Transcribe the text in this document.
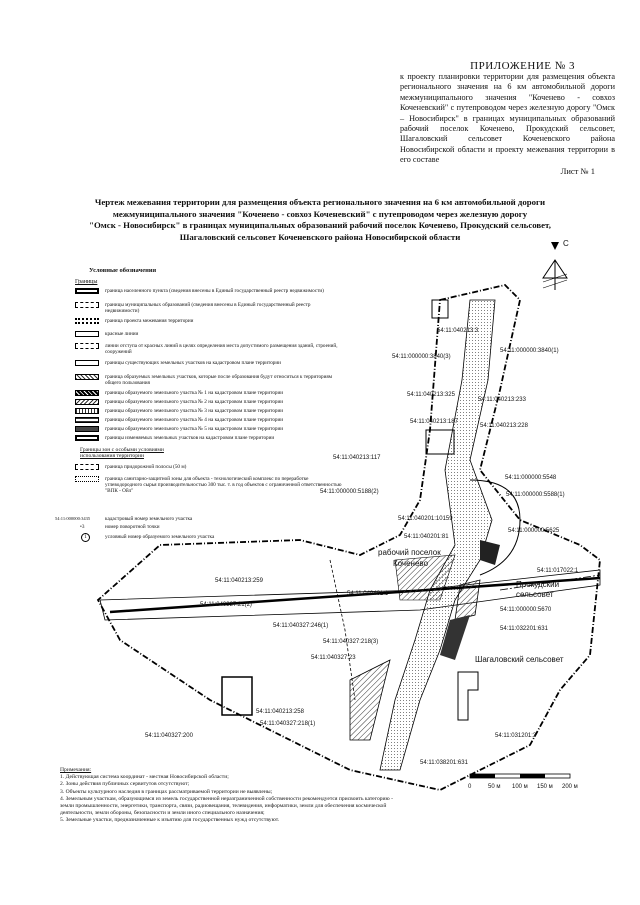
ПРИЛОЖЕНИЕ № 3
к проекту планировки территории для размещения объекта регионального значения на 6 км автомобильной дороги межмуниципального значения "Коченево - совхоз Коченевский" с путепроводом через железную дорогу "Омск – Новосибирск" в границах муниципальных образований рабочий поселок Коченево, Прокудский сельсовет, Шагаловский сельсовет Коченевского района Новосибирской области и проекту межевания территории в его составе
Лист № 1
Чертеж межевания территории для размещения объекта регионального значения на 6 км автомобильной дороги
межмуниципального значения "Коченево - совхоз Коченевский" с путепроводом через железную дорогу
"Омск - Новосибирск" в границах муниципальных образований рабочий поселок Коченево, Прокудский сельсовет,
Шагаловский сельсовет Коченевского района Новосибирской области
54:11:040213:3
54:11:000000:3840(3)
54:11:000000:3840(1)
54:11:040213:325
54:11:040213:233
54:11:040213:187
54:11:040213:228
54:11:040213:117
54:11:000000:5188(2)
54:11:000000:5548
54:11:000000:5588(1)
54:11:040201:10159
54:11:040201:81
54:11:000000:5625
54:11:040213:259
54:11:040401:1
54:11:040327:21(2)
54:11:017022:1
54:11:000000:5670
54:11:040327:246(1)	54:11:032201:631
54:11:040327:218(3)
54:11:040327:23
54:11:040213:258
54:11:040327:218(1)
54:11:040327:200	54:11:031201:3
54:11:038201:631
рабочий поселок
Коченево
Прокудский
сельсовет
Шагаловский сельсовет
С
0	50 м 100 м 150 м 200 м
Условные обозначения
Границы
граница населенного пункта (сведения внесены в Единый государственный реестр недвижимости)
границы муниципальных образований (сведения внесены в Единый государственный реестр недвижимости)
граница проекта межевания территории
красные линии
линии отступа от красных линий в целях определения места допустимого размещения зданий, строений, сооружений
границы существующих земельных участков на кадастровом плане территории
граница образуемых земельных участков, которые после образования будут относиться к территориям общего пользования
границы образуемого земельного участка № 1 на кадастровом плане территории
границы образуемого земельного участка № 2 на кадастровом плане территории
границы образуемого земельного участка № 3 на кадастровом плане территории
границы образуемого земельного участка № 4 на кадастровом плане территории
границы образуемого земельного участка № 5 на кадастровом плане территории
границы изменяемых земельных участков на кадастровом плане территории
Границы зон с особыми условиями использования территории
граница придорожной полосы (50 м)
граница санитарно-защитной зоны для объекта - технологический комплекс по переработке углеводородного сырья производительностью 300 тыс. т. в год объектов с ограниченной ответственностью "ВПК - Ойл"
54:11:000000:3435	кадастровый номер земельного участка
•3	номер поворотной точки
1	условный номер образуемого земельного участка
Примечания:
1. Действующая система координат - местная Новосибирской области;
2. Зоны действия публичных сервитутов отсутствуют;
3. Объекты культурного наследия в границах рассматриваемой территории не выявлены;
4. Земельным участкам, образующимся из земель государственной неразграниченной собственности рекомендуется присвоить категорию - земли промышленности, энергетики, транспорта, связи, радиовещания, телевидения, информатики, земли для обеспечения космической деятельности, земли обороны, безопасности и земли иного специального назначения;
5. Земельные участки, предназначенные к изъятию для государственных нужд отсутствуют.
